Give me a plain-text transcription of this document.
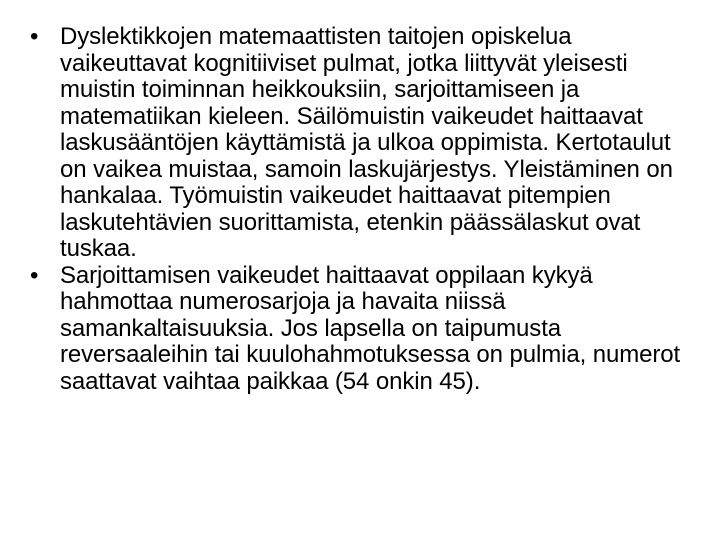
• Dyslektikkojen matemaattisten taitojen opiskelua vaikeuttavat kognitiiviset pulmat, jotka liittyvät yleisesti muistin toiminnan heikkouksiin, sarjoittamiseen ja matematiikan kieleen. Säilömuistin vaikeudet haittaavat laskusääntöjen käyttämistä ja ulkoa oppimista. Kertotaulut on vaikea muistaa, samoin laskujärjestys. Yleistäminen on hankalaa. Työmuistin vaikeudet haittaavat pitempien laskutehtävien suorittamista, etenkin päässälaskut ovat tuskaa.
• Sarjoittamisen vaikeudet haittaavat oppilaan kykyä hahmottaa numerosarjoja ja havaita niissä samankaltaisuuksia. Jos lapsella on taipumusta reversaaleihin tai kuulohahmotuksessa on pulmia, numerot saattavat vaihtaa paikkaa (54 onkin 45).
